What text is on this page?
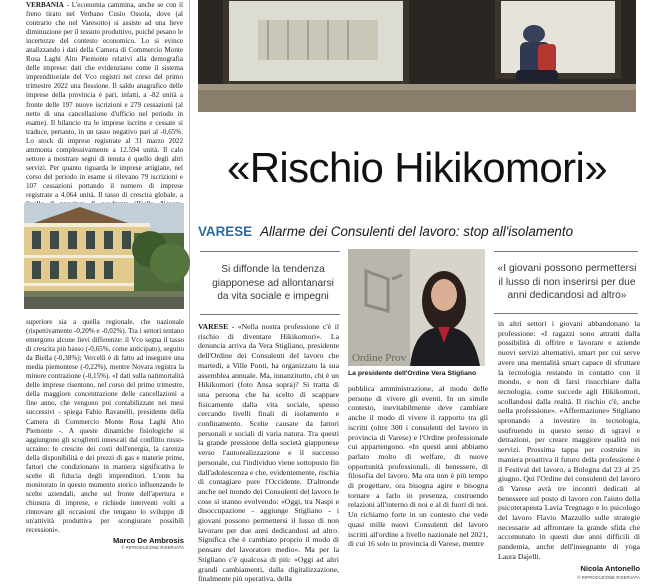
VERBANIA - L'economia cammina, anche se con il freno tirato nel Verbano Cusio Ossola, dove (al contrario che nel Varesotto) si assiste ad una lieve diminuzione per il tessuto produttivo, poiché pesano le incertezze del contesto economico. Lo si evince analizzando i dati della Camera di Commercio Monte Rosa Laghi Alto Piemonte relativi alla demografia delle imprese: dati che evidenziano come il sistema imprenditoriale del Vco registri nel corso del primo trimestre 2022 una flessione. Il saldo anagrafico delle imprese della provincia è pari, infatti, a -82 unità a fronte delle 197 nuove iscrizioni e 279 cessazioni (al netto di una cancellazione d'ufficio nel periodo in esame). Il bilancio tra le imprese iscritte e cessate si traduce, pertanto, in un tasso negativo pari al -0,65%. Lo stock di imprese registrate al 31 marzo 2022 ammonta complessivamente a 12.594 unità. Il calo settore a mostrare segni di tenuta è quello degli altri servizi. Per quanto riguarda le imprese artigiane, nel corso del periodo in esame si rilevano 79 iscrizioni e 107 cessazioni portando il numero di imprese registrate a 4.064 unità. Il tasso di crescita globale, a

superiore sia a quella regionale, che nazionale (rispettivamente -0,20% e -0,02%). Tra i settori tentano emergono alcune lievi differenze: il Vco segna il tasso di crescita più basso (-0,65%, come anticipato), seguito da Biella (-0,38%); Vercelli è di fatto ad inseguire una media piemontese (-0,22%), mentre Novara registra la minore contrazione (-0,15%). «I dati sulla natimortalità delle imprese risentono, nel corso del primo trimestre, della maggiore concentrazione delle cancellazioni a fine anno, che vengono poi contabilizzate nei mesi successivi - spiega Fabio Ravanelli, presidente della Camera di Commercio Monte Rosa Laghi Alto Piemonte -. A queste dinamiche fisiologiche si aggiungono gli scoglienti innescati dal conflitto russo-ucraino: le crescite dei costi dell'energia, la carenza della disponibilità e dei prezzi di gas e materie prime, fattori che condizionano in maniera significativa le scelte di fiducia degli imprenditori. L'ente ha monitorato in questo momento storico influenzando le scelte aziendali, anche sul fronte dell'apertura e chiusura di imprese, e richiede interventi volti a rinnovare gli occasioni che tengano lo sviluppo di un'attività produttiva per scongiurare possibili recessioni».

Marco De Ambrosis
© RIPRODUZIONE RISERVATA
«Rischio Hikikomori»
VARESE Allarme dei Consulenti del lavoro: stop all'isolamento
Si diffonde la tendenza giapponese ad allontanarsi da vita sociale e impegni
«I giovani possono permettersi il lusso di non inserirsi per due anni dedicandosi ad altro»
Ordine Prov
La presidente dell'Ordine Vera Stigliano
VARESE - «Nella nostra professione c'è il rischio di diventare Hikikomori». La denuncia arriva da Vera Stigliano, presidente dell'Ordine dei Consulenti del lavoro che martedì, a Ville Ponti, ha organizzato la sua assemblea annuale. Ma, innanzitutto, chi è un Hikikomori (foto Ansa sopra)? Si tratta di una persona che ha scelto di scappare fisicamente dalla vita sociale, spesso cercando livelli finali di isolamento e confinamento. Scelte causate da fattori personali e sociali di varia natura. Tra questi la grande pressione della società giapponese verso l'autorealizzazione e il successo personale, cui l'individuo viene sottoposto fin dall'adolescenza e che, evidentemente, rischia di contagiare pure l'Occidente. D'altronde anche nel mondo dei Consulenti del lavoro le cose si stanno evolvendo: «Oggi, tra Naspi e disoccupazione - aggiunge Stigliano - i giovani possono permettersi il lusso di non lavorare per due anni dedicandosi ad altro. Significa che è cambiato proprio il modo di pensare del lavoratore medio». Ma per la Stigliano c'è qualcosa di più: «Oggi ad altri grandi cambiamenti, dalla digitalizzazione, finalmente più operativa, della
pubblica amministrazione, al modo delle persone di vivere gli eventi. In un simile contesto, inevitabilmente deve cambiare anche il modo di vivere il rapporto tra gli iscritti (oltre 300 i consulenti del lavoro in provincia di Varese) e l'Ordine professionale cui appartengono. «In questi anni abbiamo parlato molto di welfare, di nuove opportunità professionali, di benessere, di filosofia del lavoro. Ma ora non è più tempo di progettare, ora bisogna agire e bisogna tornare a farlo in presenza, costruendo relazioni all'interno di noi e al di fuori di noi. Un richiamo forte in un contesto che vede quasi mille nuovi Consulenti del lavoro iscritti all'ordine a livello nazionale nel 2021, di cui 16 solo in provincia di Varese, mentre
in altri settori i giovani abbandonano la professione: «I ragazzi sono attratti dalla possibilità di offrire e lavorare e aziende nuovi servizi alternativi, smart per cui serve avere una mentalità smart capace di sfruttare la tecnologia restando in contatto con il mondo, e non di farsi risucchiare dalla tecnologia, come succede agli Hikikomori, scollandosi dalla realtà. Il rischio c'è, anche nella professione». «Affermazione» Stigliano spronando a investire in tecnologia, usufruendo in questo senso di sgravi e detrazioni, per creare maggiore qualità nei servizi. Prossima tappa per costruire in maniera proattiva il futuro della professione è il Festival del lavoro, a Bologna dal 23 al 25 giugno. Qui l'Ordine dei consulenti del lavoro di Varese avrà tre incontri dedicati al benessere sul posto di lavoro con l'aiuto della psicoterapeuta Lavia Tregnago e lo psicologo del lavoro Flavio Mazzullo sulle strategie necessarie ad affrontare la grande sfida che accomunato in questi due anni difficili di pandemia, anche dell'insegnante di yoga Laura Dajelli.
Nicola Antonello
© RIPRODUZIONE RISERVATA
